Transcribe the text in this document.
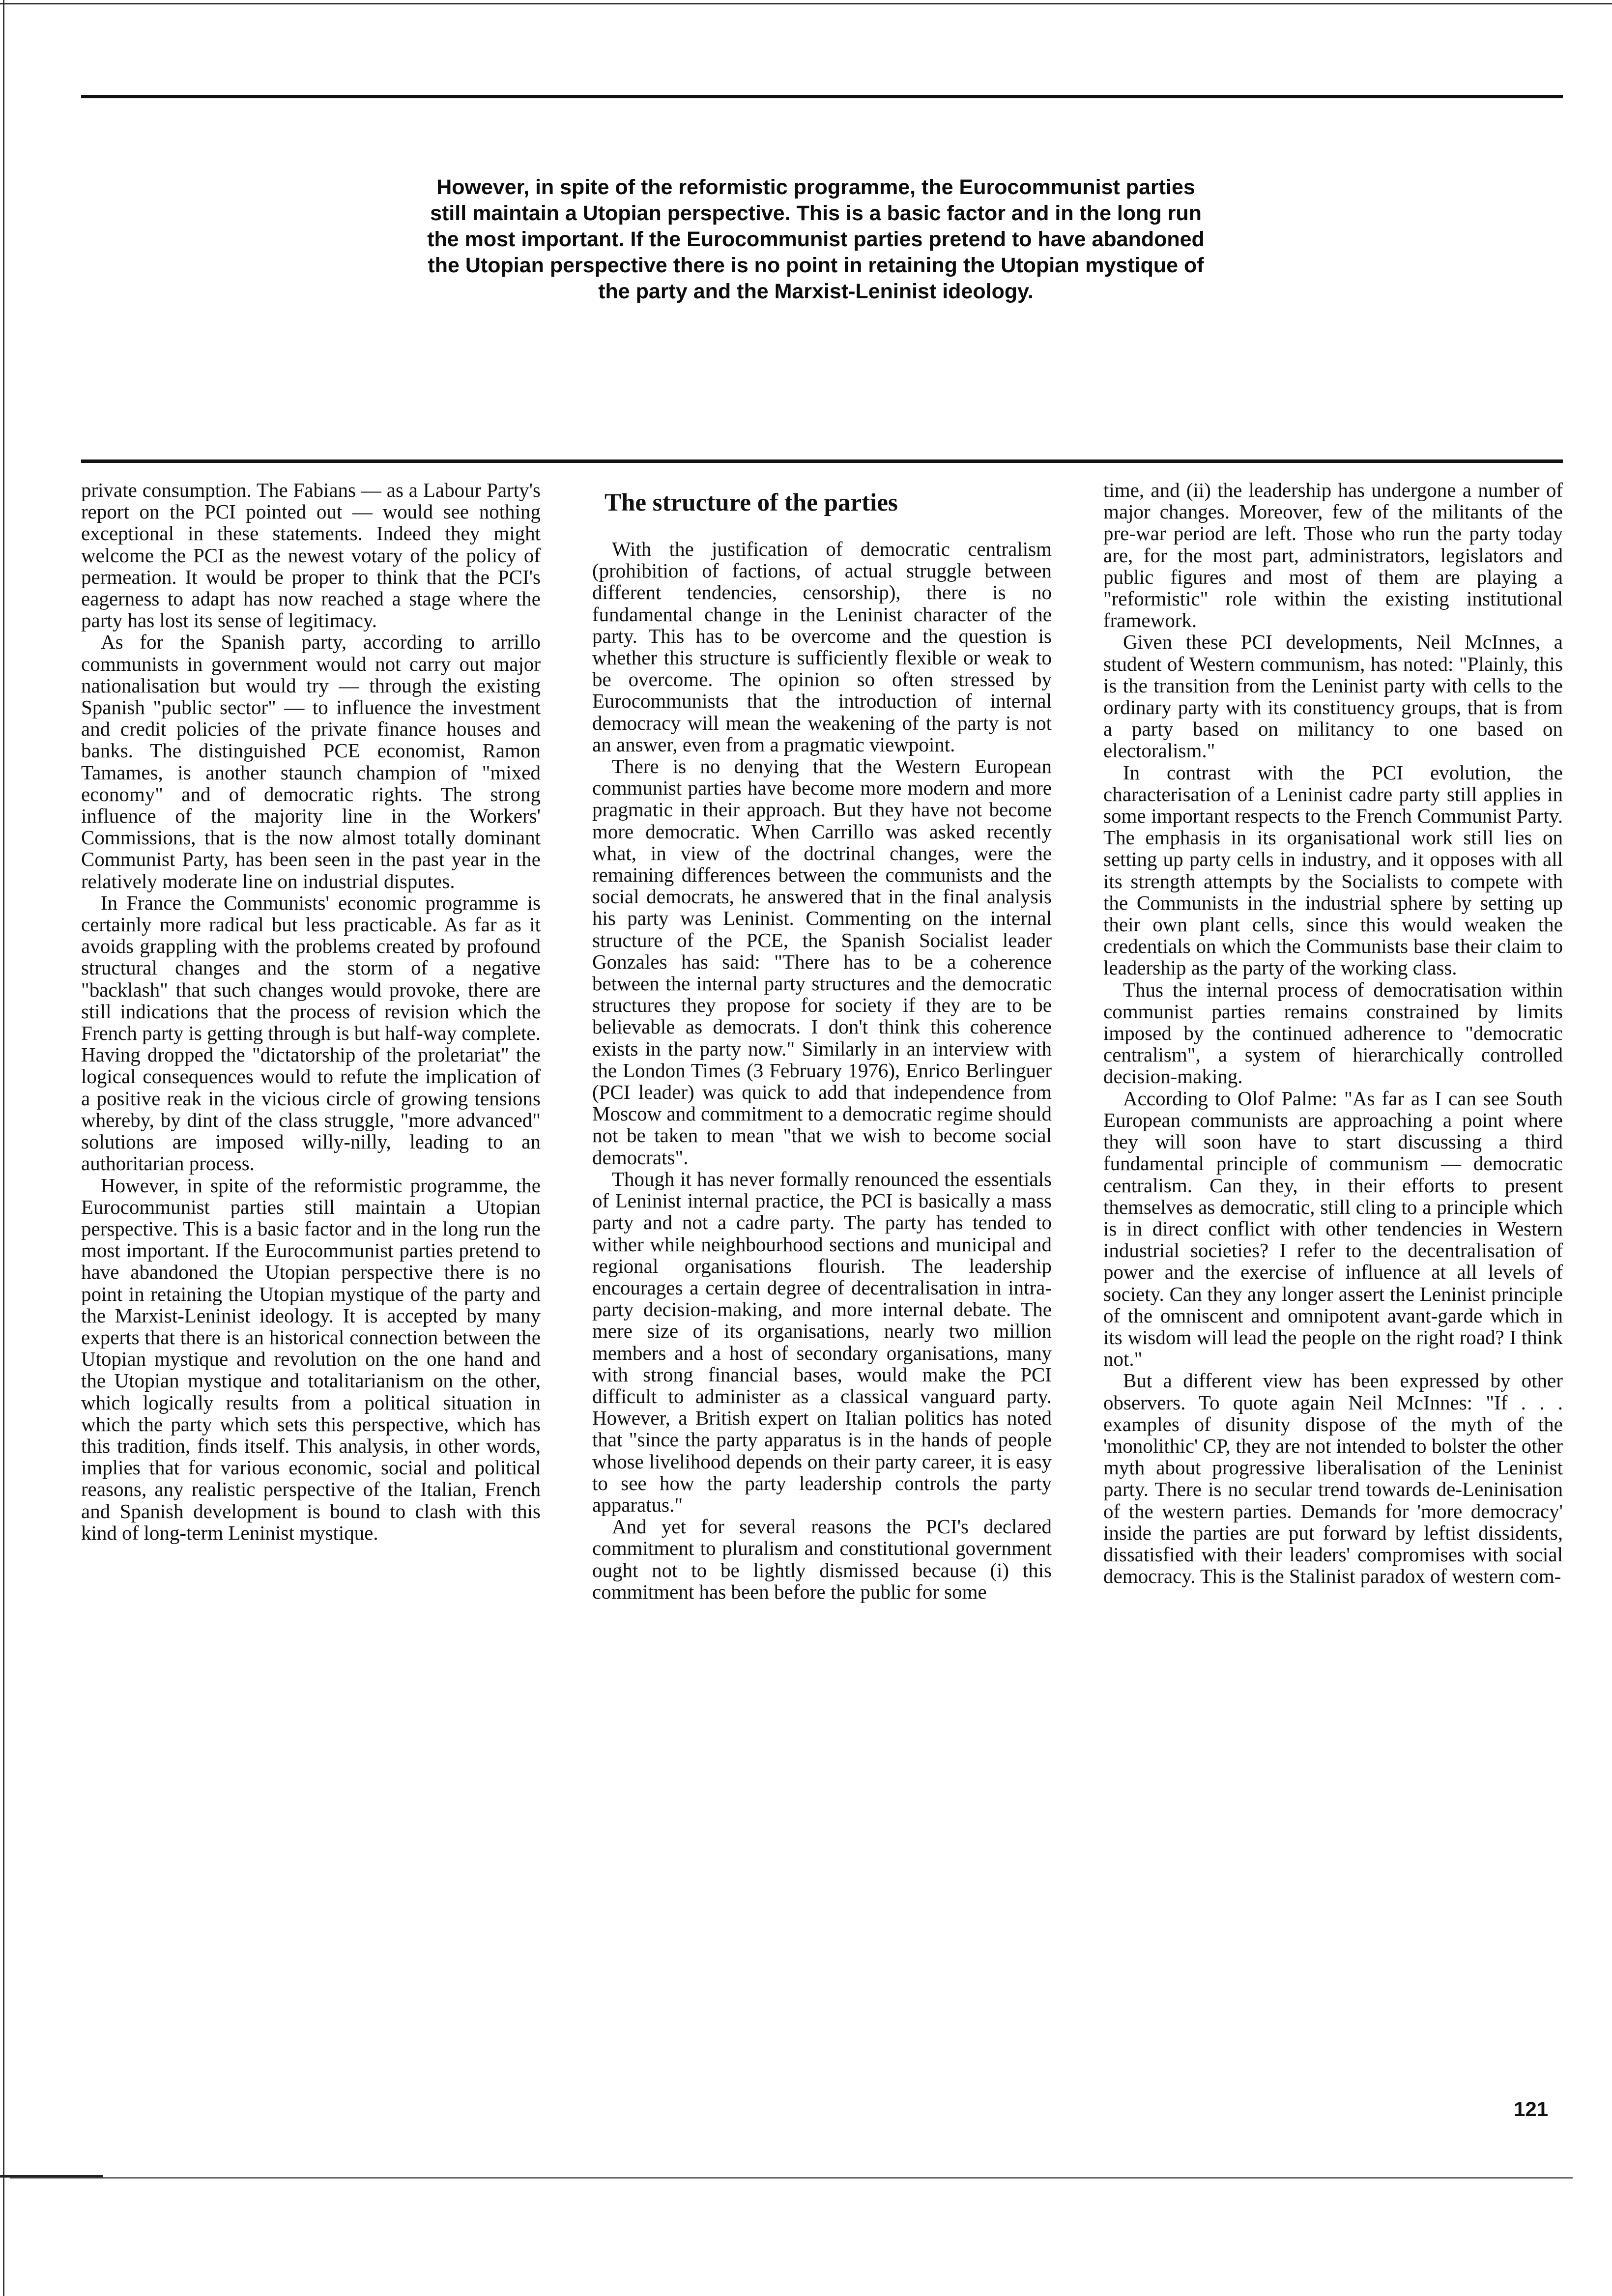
However, in spite of the reformistic programme, the Eurocommunist parties still maintain a Utopian perspective. This is a basic factor and in the long run the most important. If the Eurocommunist parties pretend to have abandoned the Utopian perspective there is no point in retaining the Utopian mystique of the party and the Marxist-Leninist ideology.

private consumption. The Fabians — as a Labour Party's report on the PCI pointed out — would see nothing exceptional in these statements. Indeed they might welcome the PCI as the newest votary of the policy of permeation. It would be proper to think that the PCI's eagerness to adapt has now reached a stage where the party has lost its sense of legitimacy.

As for the Spanish party, according to arrillo communists in government would not carry out major nationalisation but would try — through the existing Spanish "public sector" — to influence the investment and credit policies of the private finance houses and banks. The distinguished PCE economist, Ramon Tamames, is another staunch champion of "mixed economy" and of democratic rights. The strong influence of the majority line in the Workers' Commissions, that is the now almost totally dominant Communist Party, has been seen in the past year in the relatively moderate line on industrial disputes.

In France the Communists' economic programme is certainly more radical but less practicable. As far as it avoids grappling with the problems created by profound structural changes and the storm of a negative "backlash" that such changes would provoke, there are still indications that the process of revision which the French party is getting through is but half-way complete. Having dropped the "dictatorship of the proletariat" the logical consequences would to refute the implication of a positive reak in the vicious circle of growing tensions whereby, by dint of the class struggle, "more advanced" solutions are imposed willy-nilly, leading to an authoritarian process.

However, in spite of the reformistic programme, the Eurocommunist parties still maintain a Utopian perspective. This is a basic factor and in the long run the most important. If the Eurocommunist parties pretend to have abandoned the Utopian perspective there is no point in retaining the Utopian mystique of the party and the Marxist-Leninist ideology. It is accepted by many experts that there is an historical connection between the Utopian mystique and revolution on the one hand and the Utopian mystique and totalitarianism on the other, which logically results from a political situation in which the party which sets this perspective, which has this tradition, finds itself. This analysis, in other words, implies that for various economic, social and political reasons, any realistic perspective of the Italian, French and Spanish development is bound to clash with this kind of long-term Leninist mystique.

The structure of the parties

With the justification of democratic centralism (prohibition of factions, of actual struggle between different tendencies, censorship), there is no fundamental change in the Leninist character of the party. This has to be overcome and the question is whether this structure is sufficiently flexible or weak to be overcome. The opinion so often stressed by Eurocommunists that the introduction of internal democracy will mean the weakening of the party is not an answer, even from a pragmatic viewpoint.

There is no denying that the Western European communist parties have become more modern and more pragmatic in their approach. But they have not become more democratic. When Carrillo was asked recently what, in view of the doctrinal changes, were the remaining differences between the communists and the social democrats, he answered that in the final analysis his party was Leninist. Commenting on the internal structure of the PCE, the Spanish Socialist leader Gonzales has said: "There has to be a coherence between the internal party structures and the democratic structures they propose for society if they are to be believable as democrats. I don't think this coherence exists in the party now." Similarly in an interview with the London Times (3 February 1976), Enrico Berlinguer (PCI leader) was quick to add that independence from Moscow and commitment to a democratic regime should not be taken to mean "that we wish to become social democrats".

Though it has never formally renounced the essentials of Leninist internal practice, the PCI is basically a mass party and not a cadre party. The party has tended to wither while neighbourhood sections and municipal and regional organisations flourish. The leadership encourages a certain degree of decentralisation in intra-party decision-making, and more internal debate. The mere size of its organisations, nearly two million members and a host of secondary organisations, many with strong financial bases, would make the PCI difficult to administer as a classical vanguard party. However, a British expert on Italian politics has noted that "since the party apparatus is in the hands of people whose livelihood depends on their party career, it is easy to see how the party leadership controls the party apparatus."

And yet for several reasons the PCI's declared commitment to pluralism and constitutional government ought not to be lightly dismissed because (i) this commitment has been before the public for some

time, and (ii) the leadership has undergone a number of major changes. Moreover, few of the militants of the pre-war period are left. Those who run the party today are, for the most part, administrators, legislators and public figures and most of them are playing a "reformistic" role within the existing institutional framework.

Given these PCI developments, Neil McInnes, a student of Western communism, has noted: "Plainly, this is the transition from the Leninist party with cells to the ordinary party with its constituency groups, that is from a party based on militancy to one based on electoralism."

In contrast with the PCI evolution, the characterisation of a Leninist cadre party still applies in some important respects to the French Communist Party. The emphasis in its organisational work still lies on setting up party cells in industry, and it opposes with all its strength attempts by the Socialists to compete with the Communists in the industrial sphere by setting up their own plant cells, since this would weaken the credentials on which the Communists base their claim to leadership as the party of the working class.

Thus the internal process of democratisation within communist parties remains constrained by limits imposed by the continued adherence to "democratic centralism", a system of hierarchically controlled decision-making.

According to Olof Palme: "As far as I can see South European communists are approaching a point where they will soon have to start discussing a third fundamental principle of communism — democratic centralism. Can they, in their efforts to present themselves as democratic, still cling to a principle which is in direct conflict with other tendencies in Western industrial societies? I refer to the decentralisation of power and the exercise of influence at all levels of society. Can they any longer assert the Leninist principle of the omniscent and omnipotent avant-garde which in its wisdom will lead the people on the right road? I think not."

But a different view has been expressed by other observers. To quote again Neil McInnes: "If . . . examples of disunity dispose of the myth of the 'monolithic' CP, they are not intended to bolster the other myth about progressive liberalisation of the Leninist party. There is no secular trend towards de-Leninisation of the western parties. Demands for 'more democracy' inside the parties are put forward by leftist dissidents, dissatisfied with their leaders' compromises with social democracy. This is the Stalinist paradox of western com-

121
